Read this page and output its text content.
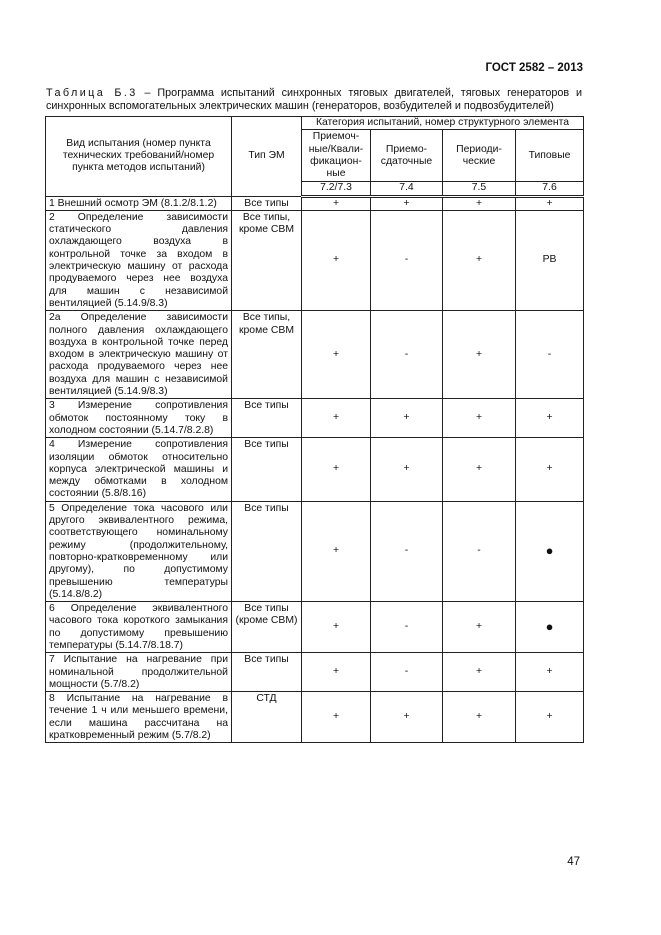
ГОСТ 2582 – 2013
Таблица Б.3 – Программа испытаний синхронных тяговых двигателей, тяговых генераторов и синхронных вспомогательных электрических машин (генераторов, возбудителей и подвозбудителей)
Вид испытания (номер пункта технических требований/номер пункта методов испытаний)	Тип ЭМ	Категория испытаний, номер структурного элемента			
		Приемоч-ные/Квали-фикацион-ные	Приемо-сдаточные	Периоди-ческие	Типовые
		7.2/7.3	7.4	7.5	7.6
1 Внешний осмотр ЭМ (8.1.2/8.1.2)	Все типы	+	+	+	+
2 Определение зависимости статического давления охлаждающего воздуха в контрольной точке за входом в электрическую машину от расхода продуваемого через нее воздуха для машин с независимой вентиляцией (5.14.9/8.3)	Все типы, кроме СВМ	+	-	+	РВ
2а Определение зависимости полного давления охлаждающего воздуха в контрольной точке перед входом в электрическую машину от расхода продуваемого через нее воздуха для машин с независимой вентиляцией (5.14.9/8.3)	Все типы, кроме СВМ	+	-	+	-
3 Измерение сопротивления обмоток постоянному току в холодном состоянии (5.14.7/8.2.8)	Все типы	+	+	+	+
4 Измерение сопротивления изоляции обмоток относительно корпуса электрической машины и между обмотками в холодном состоянии (5.8/8.16)	Все типы	+	+	+	+
5 Определение тока часового или другого эквивалентного режима, соответствующего номинальному режиму (продолжительному, повторно-кратковременному или другому), по допустимому превышению температуры (5.14.8/8.2)	Все типы	+	-	-	●
6 Определение эквивалентного часового тока короткого замыкания по допустимому превышению температуры (5.14.7/8.18.7)	Все типы (кроме СВМ)	+	-	+	●
7 Испытание на нагревание при номинальной продолжительной мощности (5.7/8.2)	Все типы	+	-	+	+
8 Испытание на нагревание в течение 1 ч или меньшего времени, если машина рассчитана на кратковременный режим (5.7/8.2)	СТД	+	+	+	+
47
